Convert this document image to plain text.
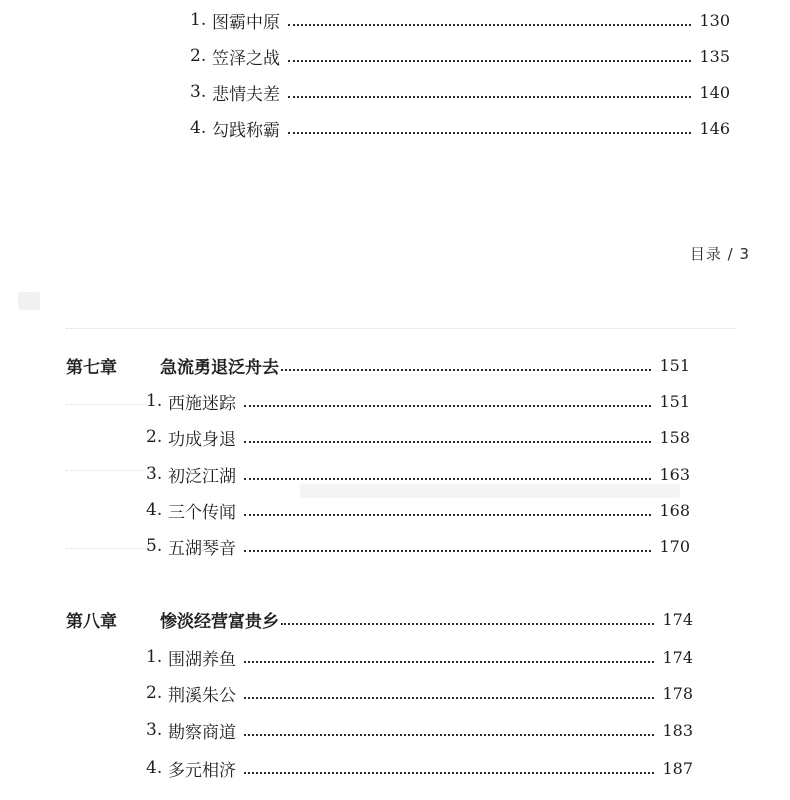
1. 图霸中原	130
2. 笠泽之战	135
3. 悲情夫差	140
4. 勾践称霸	146
目录 / 3
第七章	急流勇退泛舟去	151
1. 西施迷踪	151
2. 功成身退	158
3. 初泛江湖	163
4. 三个传闻	168
5. 五湖琴音	170
第八章	惨淡经营富贵乡	174
1. 围湖养鱼	174
2. 荆溪朱公	178
3. 勘察商道	183
4. 多元相济	187
